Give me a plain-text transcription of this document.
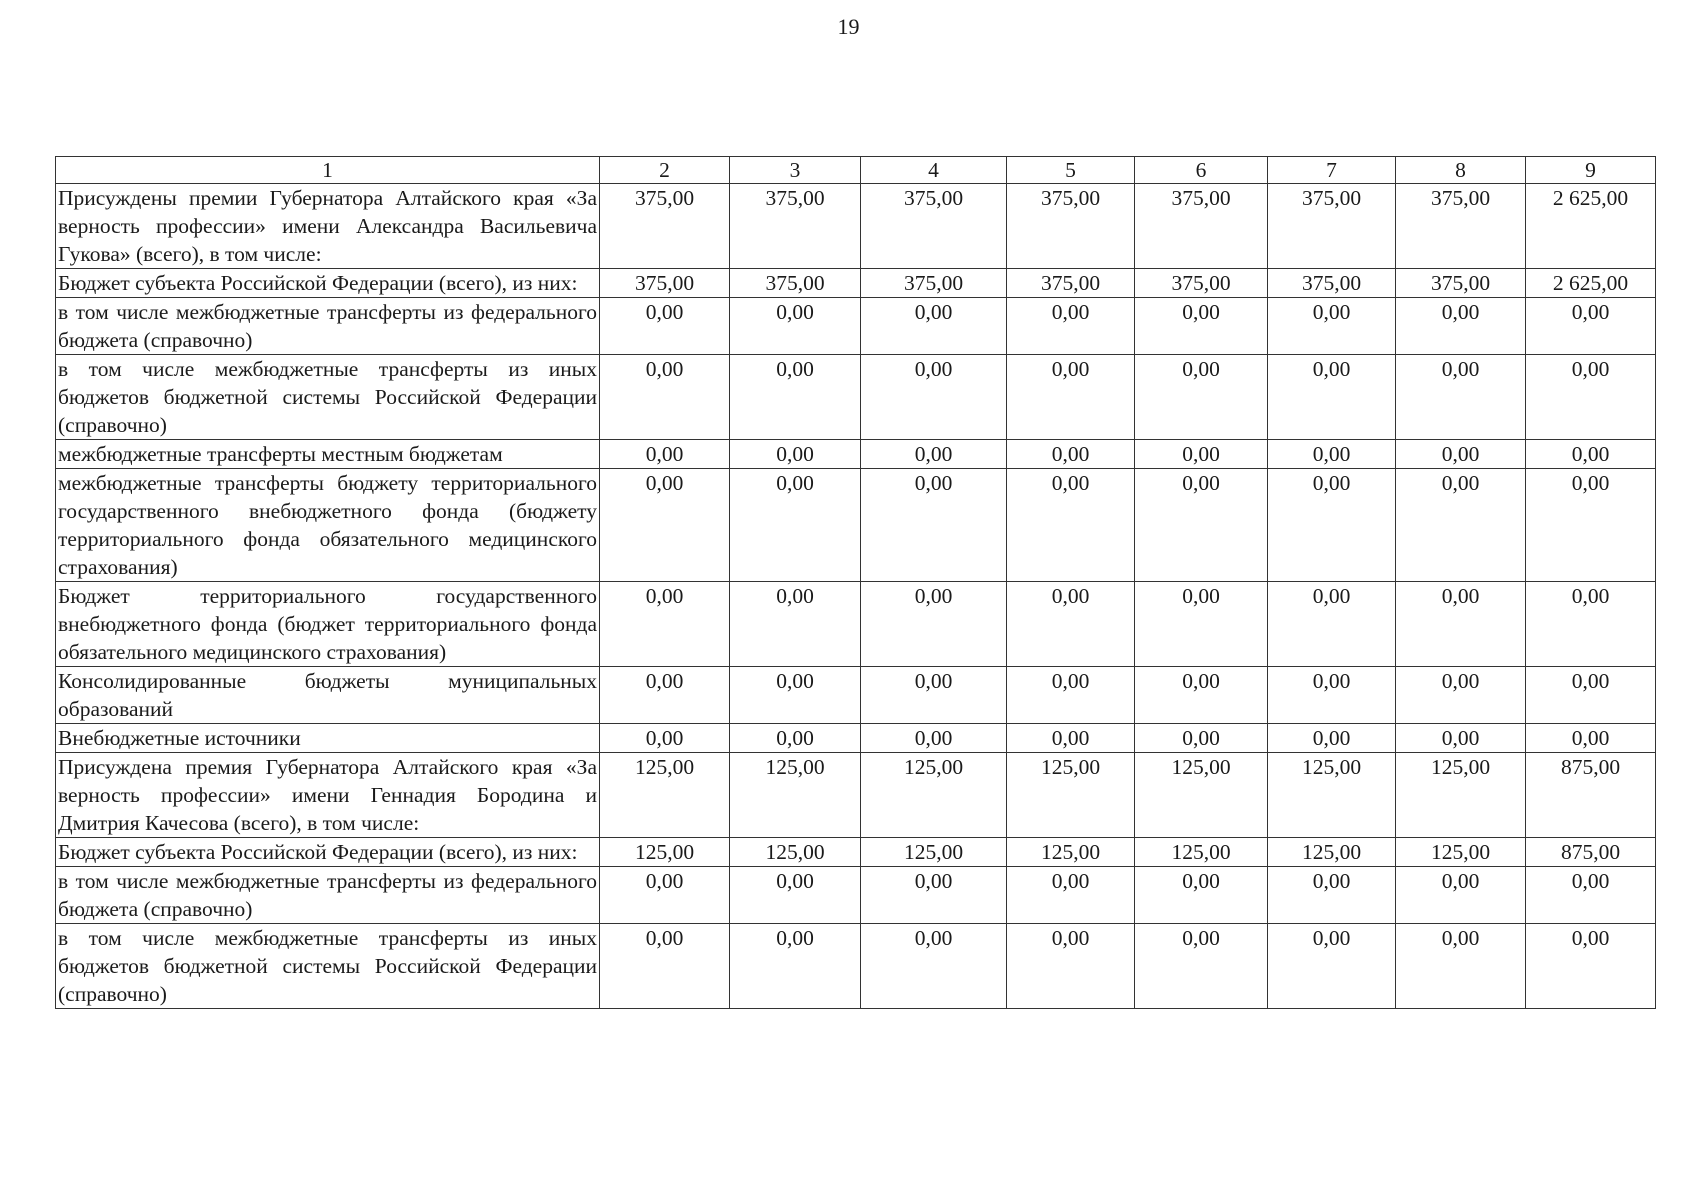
19
1	2	3	4	5	6	7	8	9
Присуждены премии Губернатора Алтайского края «За верность профессии» имени Александра Васильевича Гукова» (всего), в том числе:	375,00	375,00	375,00	375,00	375,00	375,00	375,00	2 625,00
Бюджет субъекта Российской Федерации (всего), из них:	375,00	375,00	375,00	375,00	375,00	375,00	375,00	2 625,00
в том числе межбюджетные трансферты из федерального бюджета (справочно)	0,00	0,00	0,00	0,00	0,00	0,00	0,00	0,00
в том числе межбюджетные трансферты из иных бюджетов бюджетной системы Российской Федерации (справочно)	0,00	0,00	0,00	0,00	0,00	0,00	0,00	0,00
межбюджетные трансферты местным бюджетам	0,00	0,00	0,00	0,00	0,00	0,00	0,00	0,00
межбюджетные трансферты бюджету территориального государственного внебюджетного фонда (бюджету территориального фонда обязательного медицинского страхования)	0,00	0,00	0,00	0,00	0,00	0,00	0,00	0,00
Бюджет территориального государственного внебюджетного фонда (бюджет территориального фонда обязательного медицинского страхования)	0,00	0,00	0,00	0,00	0,00	0,00	0,00	0,00
Консолидированные бюджеты муниципальных образований	0,00	0,00	0,00	0,00	0,00	0,00	0,00	0,00
Внебюджетные источники	0,00	0,00	0,00	0,00	0,00	0,00	0,00	0,00
Присуждена премия Губернатора Алтайского края «За верность профессии» имени Геннадия Бородина и Дмитрия Качесова (всего), в том числе:	125,00	125,00	125,00	125,00	125,00	125,00	125,00	875,00
Бюджет субъекта Российской Федерации (всего), из них:	125,00	125,00	125,00	125,00	125,00	125,00	125,00	875,00
в том числе межбюджетные трансферты из федерального бюджета (справочно)	0,00	0,00	0,00	0,00	0,00	0,00	0,00	0,00
в том числе межбюджетные трансферты из иных бюджетов бюджетной системы Российской Федерации (справочно)	0,00	0,00	0,00	0,00	0,00	0,00	0,00	0,00
